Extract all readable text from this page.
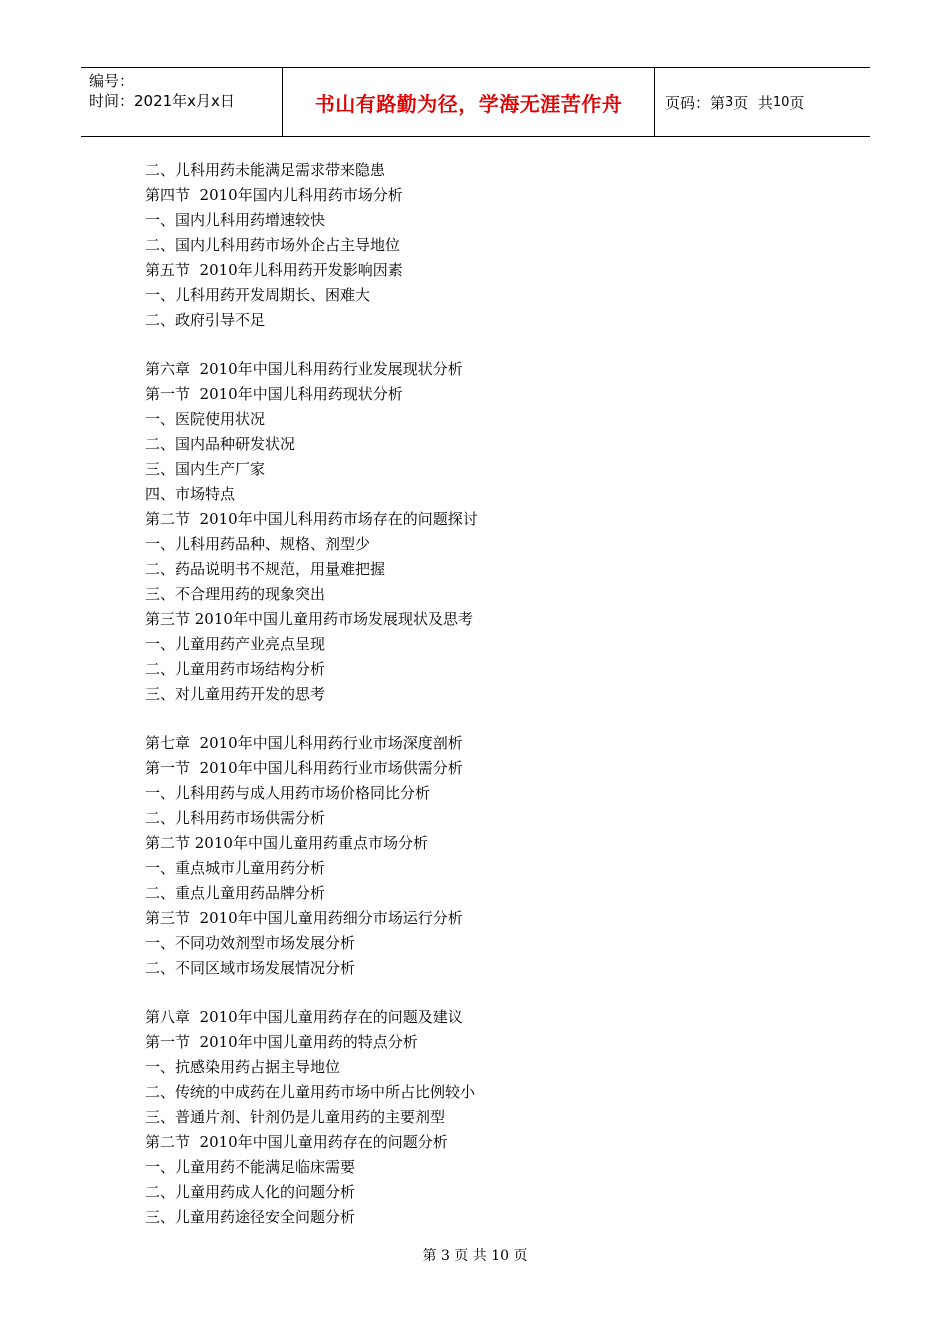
编号：
时间：2021年x月x日	书山有路勤为径，学海无涯苦作舟	页码：第 3 页  共 10 页
二、儿科用药未能满足需求带来隐患
第四节  2010年国内儿科用药市场分析
一、国内儿科用药增速较快
二、国内儿科用药市场外企占主导地位
第五节  2010年儿科用药开发影响因素
一、儿科用药开发周期长、困难大
二、政府引导不足
第六章  2010年中国儿科用药行业发展现状分析
第一节  2010年中国儿科用药现状分析
一、医院使用状况
二、国内品种研发状况
三、国内生产厂家
四、市场特点
第二节  2010年中国儿科用药市场存在的问题探讨
一、儿科用药品种、规格、剂型少
二、药品说明书不规范，用量难把握
三、不合理用药的现象突出
第三节 2010年中国儿童用药市场发展现状及思考
一、儿童用药产业亮点呈现
二、儿童用药市场结构分析
三、对儿童用药开发的思考
第七章  2010年中国儿科用药行业市场深度剖析
第一节  2010年中国儿科用药行业市场供需分析
一、儿科用药与成人用药市场价格同比分析
二、儿科用药市场供需分析
第二节 2010年中国儿童用药重点市场分析
一、重点城市儿童用药分析
二、重点儿童用药品牌分析
第三节  2010年中国儿童用药细分市场运行分析
一、不同功效剂型市场发展分析
二、不同区域市场发展情况分析
第八章  2010年中国儿童用药存在的问题及建议
第一节  2010年中国儿童用药的特点分析
一、抗感染用药占据主导地位
二、传统的中成药在儿童用药市场中所占比例较小
三、普通片剂、针剂仍是儿童用药的主要剂型
第二节  2010年中国儿童用药存在的问题分析
一、儿童用药不能满足临床需要
二、儿童用药成人化的问题分析
三、儿童用药途径安全问题分析
第 3 页 共 10 页
